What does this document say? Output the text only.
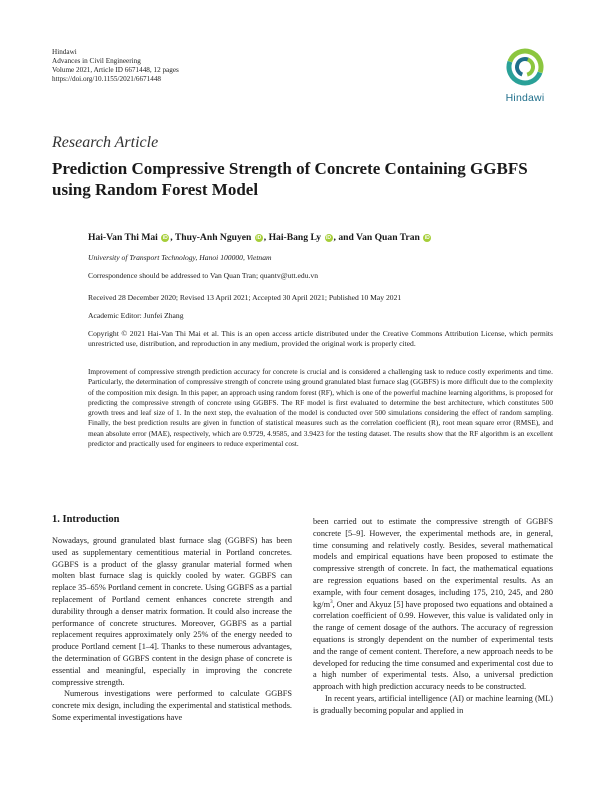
Hindawi
Advances in Civil Engineering
Volume 2021, Article ID 6671448, 12 pages
https://doi.org/10.1155/2021/6671448
Hindawi
Research Article
Prediction Compressive Strength of Concrete Containing GGBFS using Random Forest Model
Hai-Van Thi Mai iD , Thuy-Anh Nguyen iD , Hai-Bang Ly iD , and Van Quan Tran iD
University of Transport Technology, Hanoi 100000, Vietnam
Correspondence should be addressed to Van Quan Tran; quantv@utt.edu.vn
Received 28 December 2020; Revised 13 April 2021; Accepted 30 April 2021; Published 10 May 2021
Academic Editor: Junfei Zhang
Copyright © 2021 Hai-Van Thi Mai et al. This is an open access article distributed under the Creative Commons Attribution License, which permits unrestricted use, distribution, and reproduction in any medium, provided the original work is properly cited.
Improvement of compressive strength prediction accuracy for concrete is crucial and is considered a challenging task to reduce costly experiments and time. Particularly, the determination of compressive strength of concrete using ground granulated blast furnace slag (GGBFS) is more difficult due to the complexity of the composition mix design. In this paper, an approach using random forest (RF), which is one of the powerful machine learning algorithms, is proposed for predicting the compressive strength of concrete using GGBFS. The RF model is first evaluated to determine the best architecture, which constitutes 500 growth trees and leaf size of 1. In the next step, the evaluation of the model is conducted over 500 simulations considering the effect of random sampling. Finally, the best prediction results are given in function of statistical measures such as the correlation coefficient (R), root mean square error (RMSE), and mean absolute error (MAE), respectively, which are 0.9729, 4.9585, and 3.9423 for the testing dataset. The results show that the RF algorithm is an excellent predictor and practically used for engineers to reduce experimental cost.
1. Introduction

Nowadays, ground granulated blast furnace slag (GGBFS) has been used as supplementary cementitious material in Portland concretes. GGBFS is a product of the glassy granular material formed when molten blast furnace slag is quickly cooled by water. GGBFS can replace 35–65% Portland cement in concrete. Using GGBFS as a partial replacement of Portland cement enhances concrete strength and durability through a denser matrix formation. It could also increase the performance of concrete structures. Moreover, GGBFS as a partial replacement requires approximately only 25% of the energy needed to produce Portland cement [1–4]. Thanks to these numerous advantages, the determination of GGBFS content in the design phase of concrete is essential and meaningful, especially in improving the concrete compressive strength.

Numerous investigations were performed to calculate GGBFS concrete mix design, including the experimental and statistical methods. Some experimental investigations have

been carried out to estimate the compressive strength of GGBFS concrete [5–9]. However, the experimental methods are, in general, time consuming and relatively costly. Besides, several mathematical models and empirical equations have been proposed to estimate the compressive strength of concrete. In fact, the mathematical equations are regression equations based on the experimental results. As an example, with four cement dosages, including 175, 210, 245, and 280 $kg/m^3$, Oner and Akyuz [5] have proposed two equations and obtained a correlation coefficient of 0.99. However, this value is validated only in the range of cement dosage of the authors. The accuracy of regression equations is strongly dependent on the number of experimental tests and the range of cement content. Therefore, a new approach needs to be developed for reducing the time consumed and experimental cost due to a high number of experimental tests. Also, a universal prediction approach with high prediction accuracy needs to be constructed.

In recent years, artificial intelligence (AI) or machine learning (ML) is gradually becoming popular and applied in
